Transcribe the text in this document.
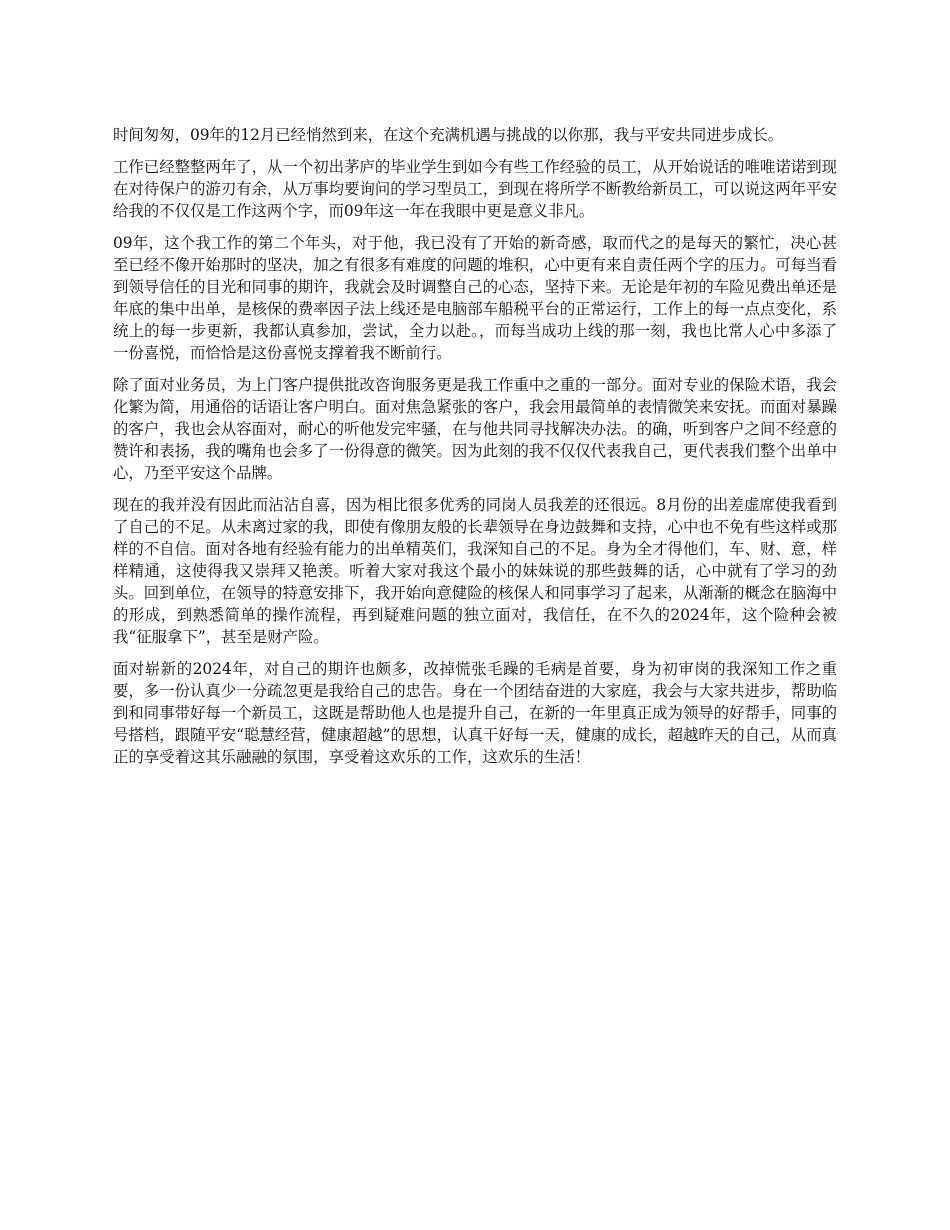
时间匆匆，09年的12月已经悄然到来，在这个充满机遇与挑战的以你那，我与平安共同进步成长。

工作已经整整两年了，从一个初出茅庐的毕业学生到如今有些工作经验的员工，从开始说话的唯唯诺诺到现在对待保户的游刃有余，从万事均要询问的学习型员工，到现在将所学不断教给新员工，可以说这两年平安给我的不仅仅是工作这两个字，而09年这一年在我眼中更是意义非凡。

09年，这个我工作的第二个年头，对于他，我已没有了开始的新奇感，取而代之的是每天的繁忙，决心甚至已经不像开始那时的坚决，加之有很多有难度的问题的堆积，心中更有来自责任两个字的压力。可每当看到领导信任的目光和同事的期许，我就会及时调整自己的心态，坚持下来。无论是年初的车险见费出单还是年底的集中出单，是核保的费率因子法上线还是电脑部车船税平台的正常运行，工作上的每一点点变化，系统上的每一步更新，我都认真参加，尝试，全力以赴。，而每当成功上线的那一刻，我也比常人心中多添了一份喜悦，而恰恰是这份喜悦支撑着我不断前行。

除了面对业务员，为上门客户提供批改咨询服务更是我工作重中之重的一部分。面对专业的保险术语，我会化繁为简，用通俗的话语让客户明白。面对焦急紧张的客户，我会用最简单的表情微笑来安抚。而面对暴躁的客户，我也会从容面对，耐心的听他发完牢骚，在与他共同寻找解决办法。的确，听到客户之间不经意的赞许和表扬，我的嘴角也会多了一份得意的微笑。因为此刻的我不仅仅代表我自己，更代表我们整个出单中心，乃至平安这个品牌。

现在的我并没有因此而沾沾自喜，因为相比很多优秀的同岗人员我差的还很远。8月份的出差虚席使我看到了自己的不足。从未离过家的我，即使有像朋友般的长辈领导在身边鼓舞和支持，心中也不免有些这样或那样的不自信。面对各地有经验有能力的出单精英们，我深知自己的不足。身为全才得他们，车、财、意，样样精通，这使得我又崇拜又艳羡。听着大家对我这个最小的妹妹说的那些鼓舞的话，心中就有了学习的劲头。回到单位，在领导的特意安排下，我开始向意健险的核保人和同事学习了起来，从渐渐的概念在脑海中的形成，到熟悉简单的操作流程，再到疑难问题的独立面对，我信任，在不久的2024年，这个险种会被我“征服拿下”，甚至是财产险。

面对崭新的2024年，对自己的期许也颇多，改掉慌张毛躁的毛病是首要，身为初审岗的我深知工作之重要，多一份认真少一分疏忽更是我给自己的忠告。身在一个团结奋进的大家庭，我会与大家共进步，帮助临到和同事带好每一个新员工，这既是帮助他人也是提升自己，在新的一年里真正成为领导的好帮手，同事的号搭档，跟随平安“聪慧经营，健康超越”的思想，认真干好每一天，健康的成长，超越昨天的自己，从而真正的享受着这其乐融融的氛围，享受着这欢乐的工作，这欢乐的生活！
